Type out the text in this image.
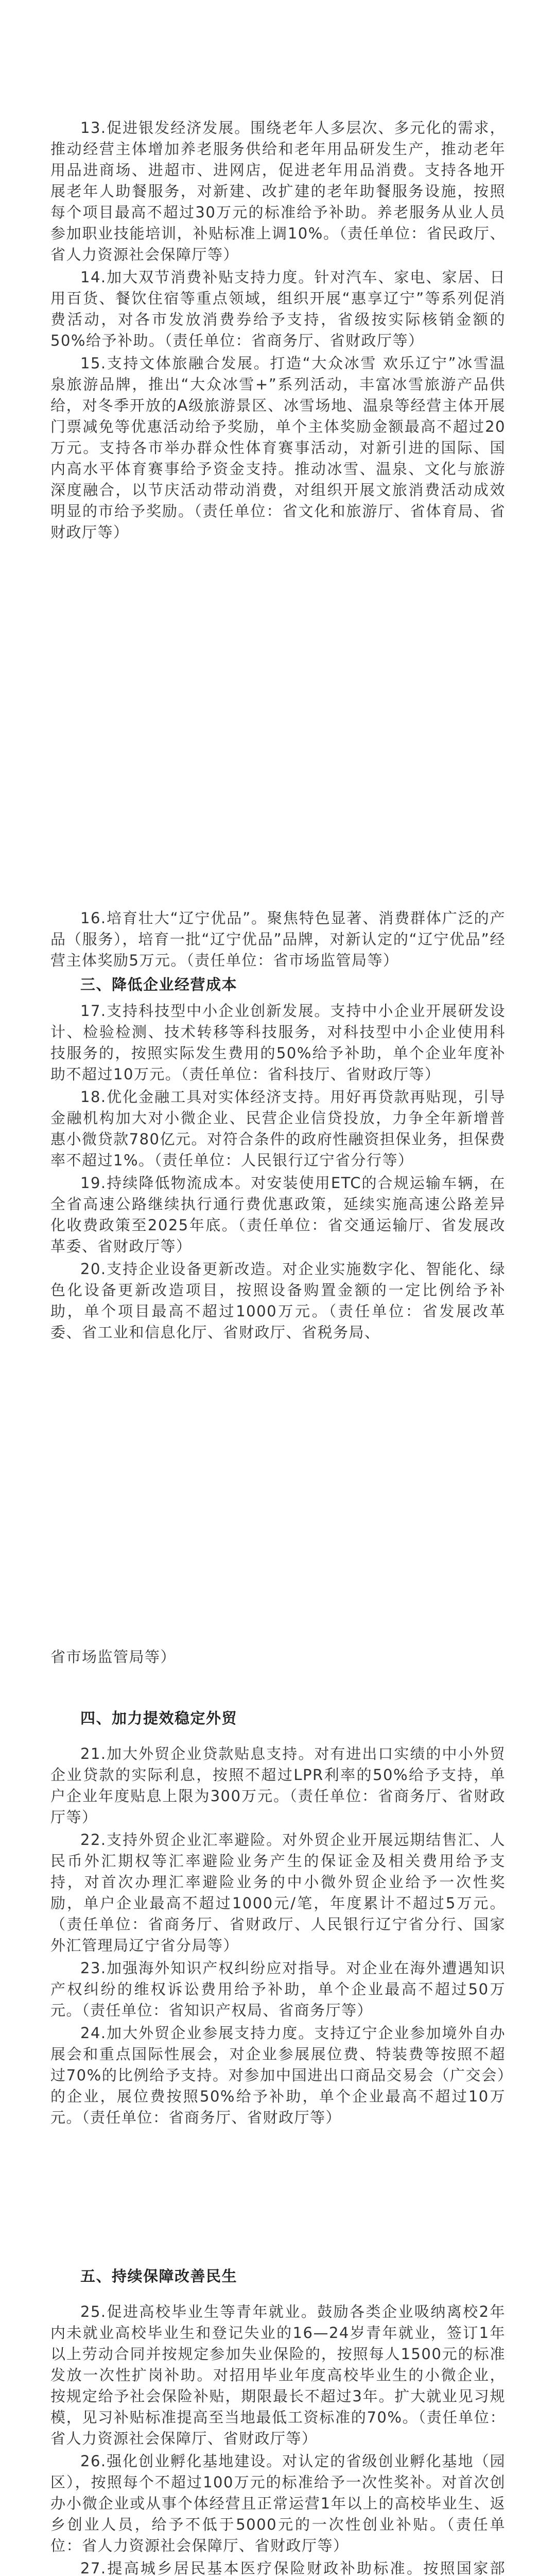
13.促进银发经济发展。围绕老年人多层次、多元化的需求，推动经营主体增加养老服务供给和老年用品研发生产，推动老年用品进商场、进超市、进网店，促进老年用品消费。支持各地开展老年人助餐服务，对新建、改扩建的老年助餐服务设施，按照每个项目最高不超过30万元的标准给予补助。养老服务从业人员参加职业技能培训，补贴标准上调10%。（责任单位：省民政厅、省人力资源社会保障厅等）

14.加大双节消费补贴支持力度。针对汽车、家电、家居、日用百货、餐饮住宿等重点领域，组织开展“惠享辽宁”等系列促消费活动，对各市发放消费券给予支持，省级按实际核销金额的50%给予补助。（责任单位：省商务厅、省财政厅等）

15.支持文体旅融合发展。打造“大众冰雪 欢乐辽宁”冰雪温泉旅游品牌，推出“大众冰雪+”系列活动，丰富冰雪旅游产品供给，对冬季开放的A级旅游景区、冰雪场地、温泉等经营主体开展门票减免等优惠活动给予奖励，单个主体奖励金额最高不超过20万元。支持各市举办群众性体育赛事活动，对新引进的国际、国内高水平体育赛事给予资金支持。推动冰雪、温泉、文化与旅游深度融合，以节庆活动带动消费，对组织开展文旅消费活动成效明显的市给予奖励。（责任单位：省文化和旅游厅、省体育局、省财政厅等）

16.培育壮大“辽宁优品”。聚焦特色显著、消费群体广泛的产品（服务），培育一批“辽宁优品”品牌，对新认定的“辽宁优品”经营主体奖励5万元。（责任单位：省市场监管局等）

三、降低企业经营成本

17.支持科技型中小企业创新发展。支持中小企业开展研发设计、检验检测、技术转移等科技服务，对科技型中小企业使用科技服务的，按照实际发生费用的50%给予补助，单个企业年度补助不超过10万元。（责任单位：省科技厅、省财政厅等）

18.优化金融工具对实体经济支持。用好再贷款再贴现，引导金融机构加大对小微企业、民营企业信贷投放，力争全年新增普惠小微贷款780亿元。对符合条件的政府性融资担保业务，担保费率不超过1%。（责任单位：人民银行辽宁省分行等）

19.持续降低物流成本。对安装使用ETC的合规运输车辆，在全省高速公路继续执行通行费优惠政策，延续实施高速公路差异化收费政策至2025年底。（责任单位：省交通运输厅、省发展改革委、省财政厅等）

20.支持企业设备更新改造。对企业实施数字化、智能化、绿色化设备更新改造项目，按照设备购置金额的一定比例给予补助，单个项目最高不超过1000万元。（责任单位：省发展改革委、省工业和信息化厅、省财政厅、省税务局、

省市场监管局等）

四、加力提效稳定外贸

21.加大外贸企业贷款贴息支持。对有进出口实绩的中小外贸企业贷款的实际利息，按照不超过LPR利率的50%给予支持，单户企业年度贴息上限为300万元。（责任单位：省商务厅、省财政厅等）

22.支持外贸企业汇率避险。对外贸企业开展远期结售汇、人民币外汇期权等汇率避险业务产生的保证金及相关费用给予支持，对首次办理汇率避险业务的中小微外贸企业给予一次性奖励，单户企业最高不超过1000元/笔，年度累计不超过5万元。（责任单位：省商务厅、省财政厅、人民银行辽宁省分行、国家外汇管理局辽宁省分局等）

23.加强海外知识产权纠纷应对指导。对企业在海外遭遇知识产权纠纷的维权诉讼费用给予补助，单个企业最高不超过50万元。（责任单位：省知识产权局、省商务厅等）

24.加大外贸企业参展支持力度。支持辽宁企业参加境外自办展会和重点国际性展会，对企业参展展位费、特装费等按照不超过70%的比例给予支持。对参加中国进出口商品交易会（广交会）的企业，展位费按照50%给予补助，单个企业最高不超过10万元。（责任单位：省商务厅、省财政厅等）

五、持续保障改善民生

25.促进高校毕业生等青年就业。鼓励各类企业吸纳离校2年内未就业高校毕业生和登记失业的16—24岁青年就业，签订1年以上劳动合同并按规定参加失业保险的，按照每人1500元的标准发放一次性扩岗补助。对招用毕业年度高校毕业生的小微企业，按规定给予社会保险补贴，期限最长不超过3年。扩大就业见习规模，见习补贴标准提高至当地最低工资标准的70%。（责任单位：省人力资源社会保障厅、省财政厅等）

26.强化创业孵化基地建设。对认定的省级创业孵化基地（园区），按照每个不超过100万元的标准给予一次性奖补。对首次创办小微企业或从事个体经营且正常运营1年以上的高校毕业生、返乡创业人员，给予不低于5000元的一次性创业补贴。（责任单位：省人力资源社会保障厅、省财政厅等）

27.提高城乡居民基本医疗保险财政补助标准。按照国家部
